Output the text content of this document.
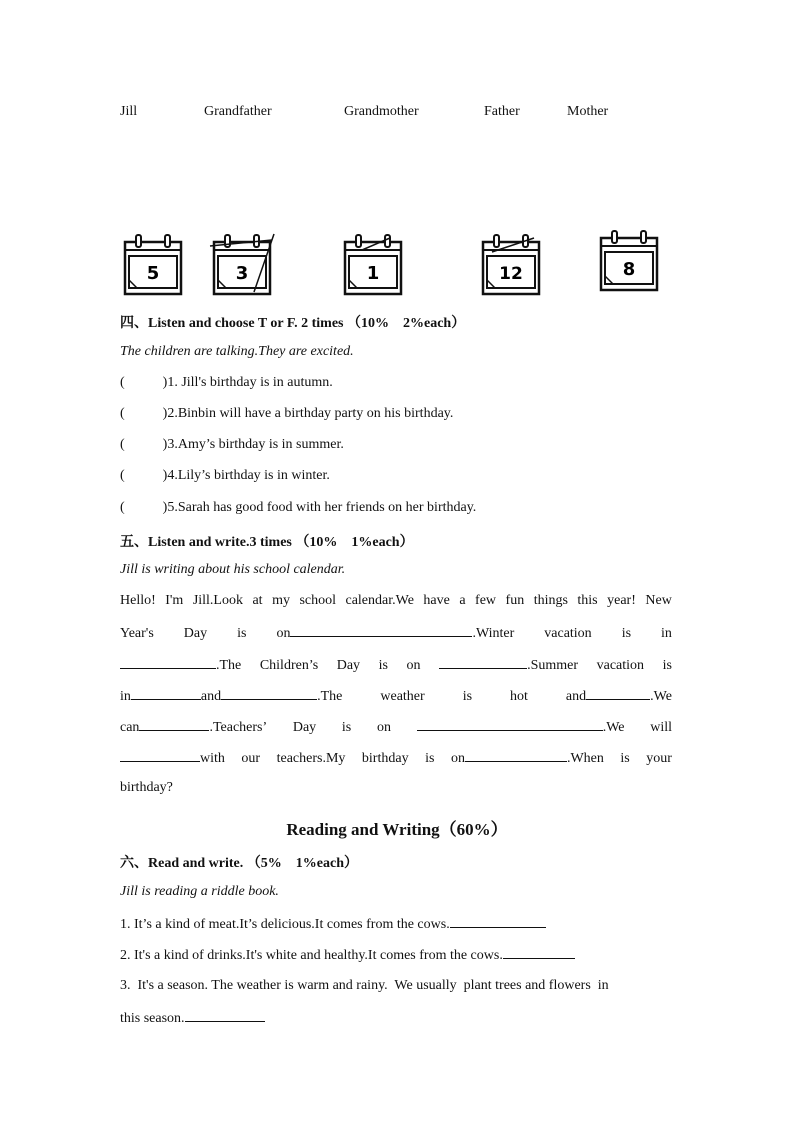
Jill	Grandfather	Grandmother	Father	Mother
5	3	1	12	8
四、Listen and choose T or F. 2 times （10%　2%each）
The children are talking.They are excited.
(	)1. Jill's birthday is in autumn.
(	)2.Binbin will have a birthday party on his birthday.
(	)3.Amy’s birthday is in summer.
(	)4.Lily’s birthday is in winter.
(	)5.Sarah has good food with her friends on her birthday.
五、Listen and write.3 times （10%　1%each）
Jill is writing about his school calendar.
Hello! I'm Jill.Look at my school calendar.We have a few fun things this year! New
Year's Day is on	.Winter vacation is in
.The Children’s Day is on	.Summer vacation is
in	and	.The	weather	is	hot	and	.We
can	.Teachers’ Day is on	.We will
with our teachers.My birthday is on	.When is your
birthday?
Reading and Writing（60%）
六、Read and write. （5%　1%each）
Jill is reading a riddle book.
1. It’s a kind of meat.It’s delicious.It comes from the cows.
2. It's a kind of drinks.It's white and healthy.It comes from the cows.
3.  It's a season. The weather is warm and rainy.  We usually  plant trees and flowers  in
this season.
